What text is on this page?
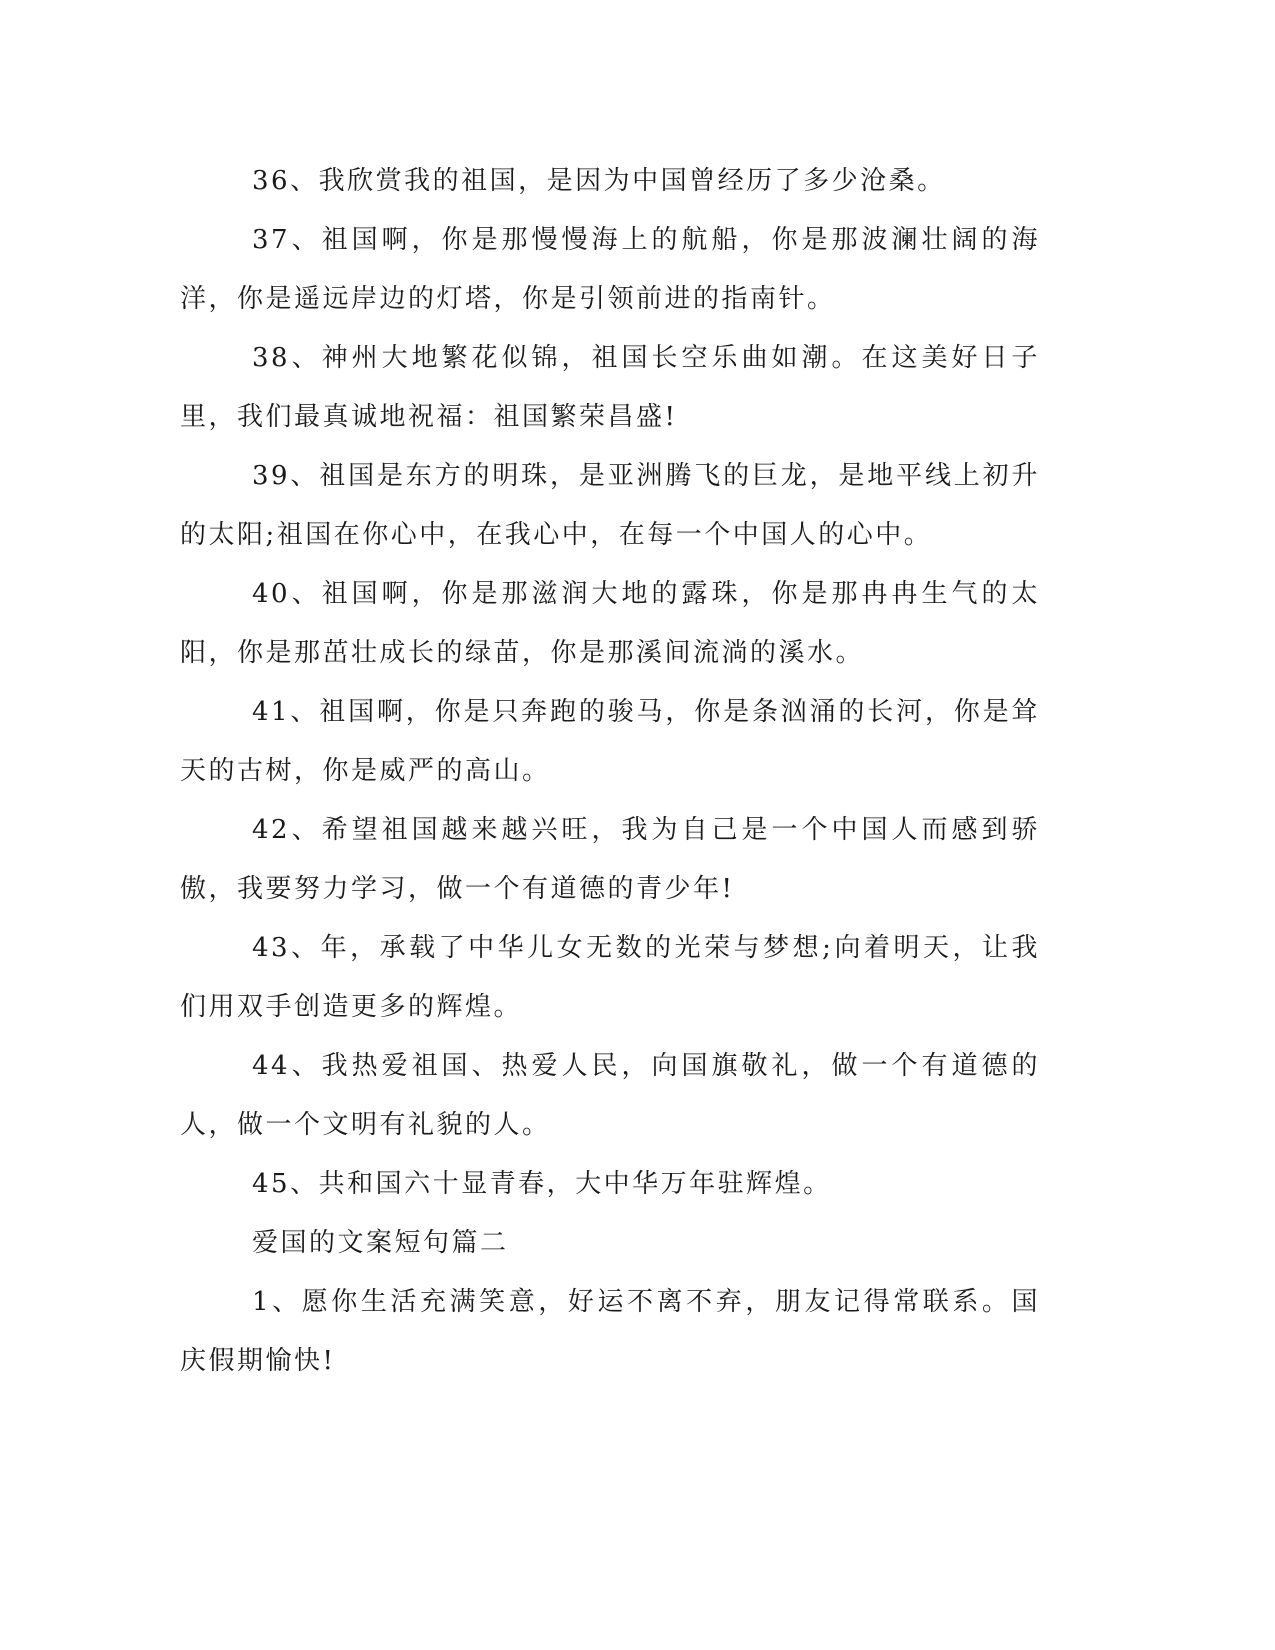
36、我欣赏我的祖国，是因为中国曾经历了多少沧桑。

37、祖国啊，你是那慢慢海上的航船，你是那波澜壮阔的海洋，你是遥远岸边的灯塔，你是引领前进的指南针。

38、神州大地繁花似锦，祖国长空乐曲如潮。在这美好日子里，我们最真诚地祝福：祖国繁荣昌盛!

39、祖国是东方的明珠，是亚洲腾飞的巨龙，是地平线上初升的太阳;祖国在你心中，在我心中，在每一个中国人的心中。

40、祖国啊，你是那滋润大地的露珠，你是那冉冉生气的太阳，你是那茁壮成长的绿苗，你是那溪间流淌的溪水。

41、祖国啊，你是只奔跑的骏马，你是条汹涌的长河，你是耸天的古树，你是威严的高山。

42、希望祖国越来越兴旺，我为自己是一个中国人而感到骄傲，我要努力学习，做一个有道德的青少年!

43、年，承载了中华儿女无数的光荣与梦想;向着明天，让我们用双手创造更多的辉煌。

44、我热爱祖国、热爱人民，向国旗敬礼，做一个有道德的人，做一个文明有礼貌的人。

45、共和国六十显青春，大中华万年驻辉煌。

爱国的文案短句篇二

1、愿你生活充满笑意，好运不离不弃，朋友记得常联系。国庆假期愉快!
